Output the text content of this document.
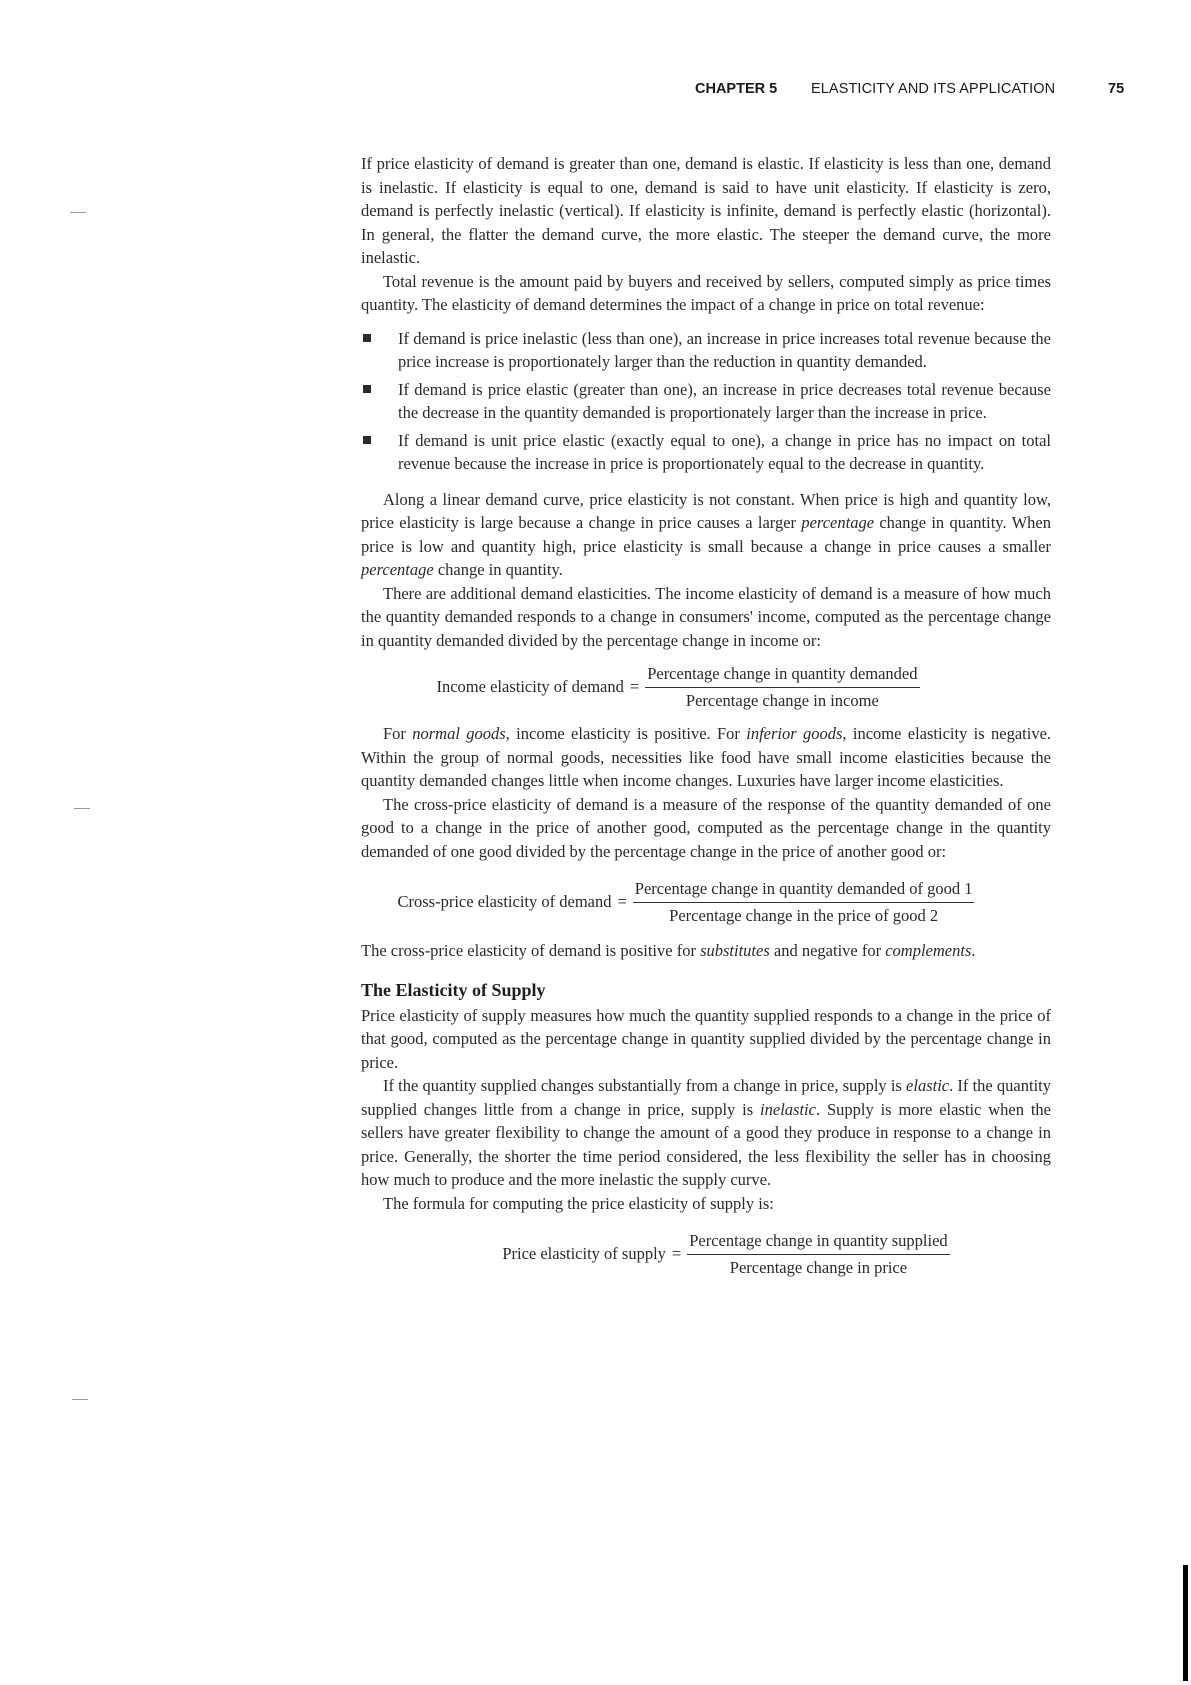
CHAPTER 5 ELASTICITY AND ITS APPLICATION	75

If price elasticity of demand is greater than one, demand is elastic. If elasticity is less than one, demand is inelastic. If elasticity is equal to one, demand is said to have unit elasticity. If elasticity is zero, demand is perfectly inelastic (vertical). If elasticity is infinite, demand is perfectly elastic (horizontal). In general, the flatter the demand curve, the more elastic. The steeper the demand curve, the more inelastic.

Total revenue is the amount paid by buyers and received by sellers, computed simply as price times quantity. The elasticity of demand determines the impact of a change in price on total revenue:

If demand is price inelastic (less than one), an increase in price increases total revenue because the price increase is proportionately larger than the reduction in quantity demanded.
If demand is price elastic (greater than one), an increase in price decreases total revenue because the decrease in the quantity demanded is proportionately larger than the increase in price.
If demand is unit price elastic (exactly equal to one), a change in price has no impact on total revenue because the increase in price is proportionately equal to the decrease in quantity.

Along a linear demand curve, price elasticity is not constant. When price is high and quantity low, price elasticity is large because a change in price causes a larger percentage change in quantity. When price is low and quantity high, price elasticity is small because a change in price causes a smaller percentage change in quantity.

There are additional demand elasticities. The income elasticity of demand is a measure of how much the quantity demanded responds to a change in consumers' income, computed as the percentage change in quantity demanded divided by the percentage change in income or:

Income elasticity of demand = $\frac{\text{Percentage change in quantity demanded}}{\text{Percentage change in income}}$

For normal goods, income elasticity is positive. For inferior goods, income elasticity is negative. Within the group of normal goods, necessities like food have small income elasticities because the quantity demanded changes little when income changes. Luxuries have larger income elasticities.

The cross-price elasticity of demand is a measure of the response of the quantity demanded of one good to a change in the price of another good, computed as the percentage change in the quantity demanded of one good divided by the percentage change in the price of another good or:

Cross-price elasticity of demand = $\frac{\text{Percentage change in quantity demanded of good 1}}{\text{Percentage change in the price of good 2}}$

The cross-price elasticity of demand is positive for substitutes and negative for complements.

The Elasticity of Supply

Price elasticity of supply measures how much the quantity supplied responds to a change in the price of that good, computed as the percentage change in quantity supplied divided by the percentage change in price.

If the quantity supplied changes substantially from a change in price, supply is elastic. If the quantity supplied changes little from a change in price, supply is inelastic. Supply is more elastic when the sellers have greater flexibility to change the amount of a good they produce in response to a change in price. Generally, the shorter the time period considered, the less flexibility the seller has in choosing how much to produce and the more inelastic the supply curve.

The formula for computing the price elasticity of supply is:

Price elasticity of supply = $\frac{\text{Percentage change in quantity supplied}}{\text{Percentage change in price}}$
